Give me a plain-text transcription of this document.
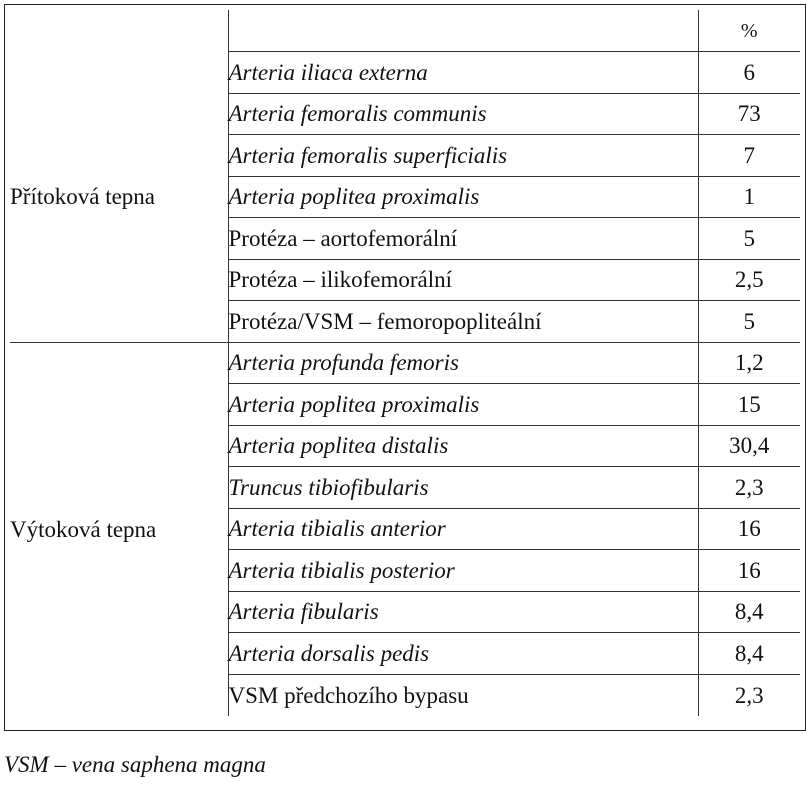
		%
Přítoková tepna	Arteria iliaca externa	6
	Arteria femoralis communis	73
	Arteria femoralis superficialis	7
	Arteria poplitea proximalis	1
	Protéza – aortofemorální	5
	Protéza – ilikofemorální	2,5
	Protéza/VSM – femoropopliteální	5
Výtoková tepna	Arteria profunda femoris	1,2
	Arteria poplitea proximalis	15
	Arteria poplitea distalis	30,4
	Truncus tibiofibularis	2,3
	Arteria tibialis anterior	16
	Arteria tibialis posterior	16
	Arteria fibularis	8,4
	Arteria dorsalis pedis	8,4
	VSM předchozího bypasu	2,3
VSM – vena saphena magna
